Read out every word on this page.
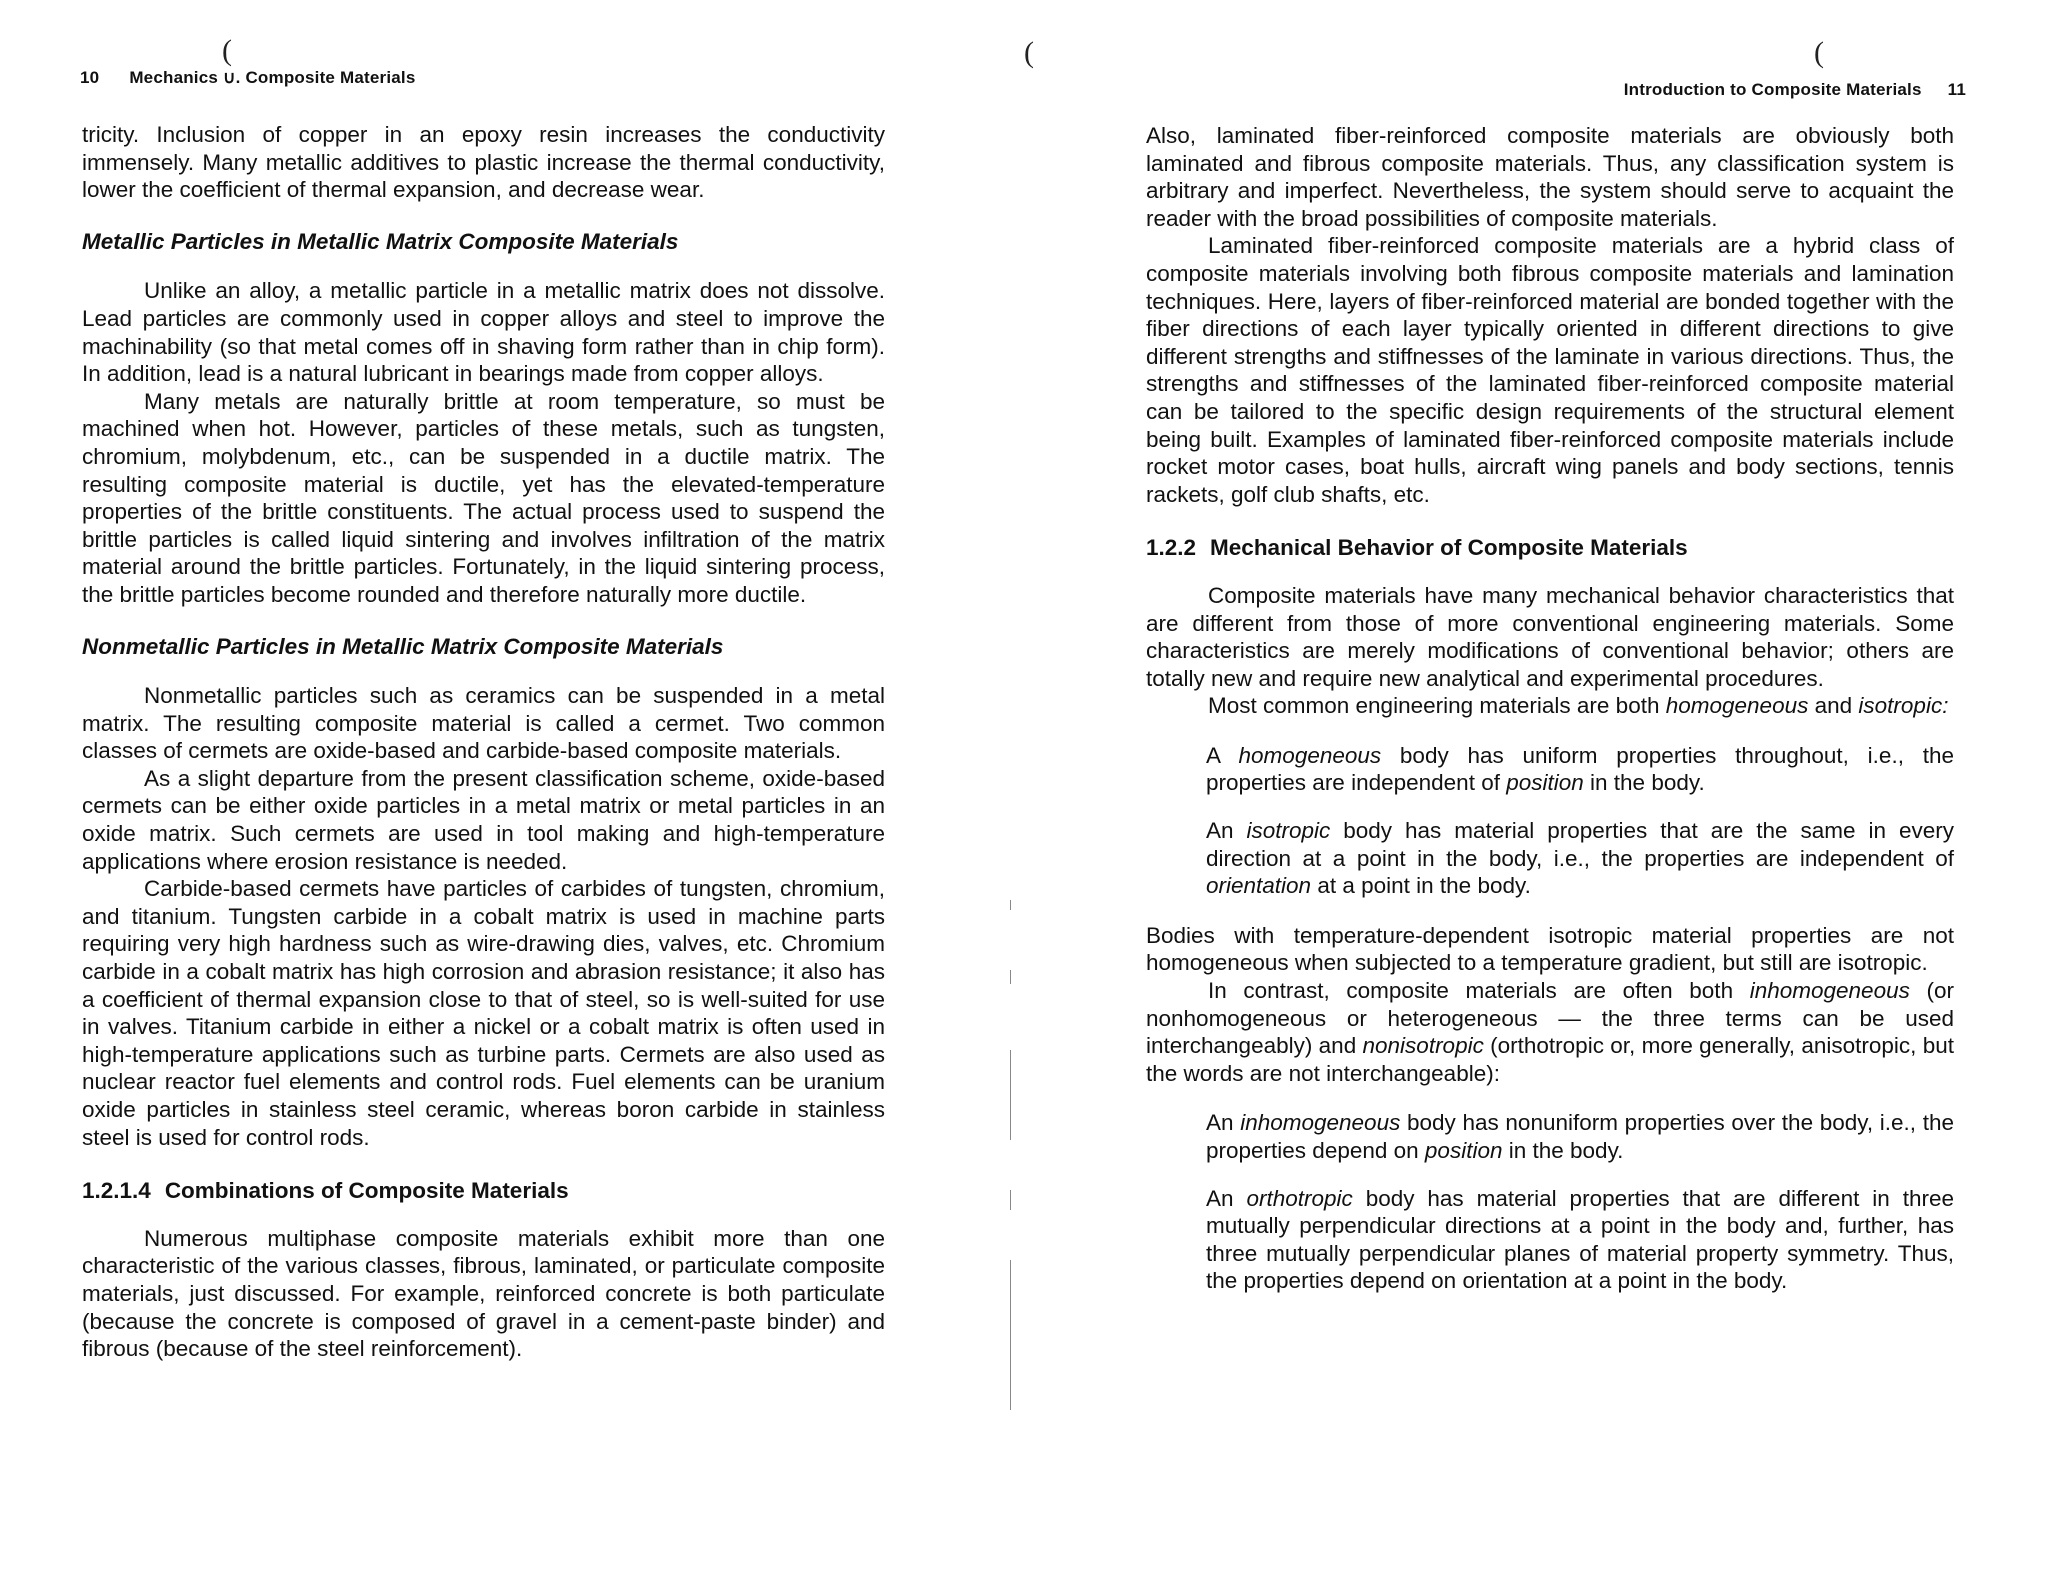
(
10 Mechanics ∪. Composite Materials

tricity. Inclusion of copper in an epoxy resin increases the conductivity immensely. Many metallic additives to plastic increase the thermal conductivity, lower the coefficient of thermal expansion, and decrease wear.

Metallic Particles in Metallic Matrix Composite Materials

Unlike an alloy, a metallic particle in a metallic matrix does not dissolve. Lead particles are commonly used in copper alloys and steel to improve the machinability (so that metal comes off in shaving form rather than in chip form). In addition, lead is a natural lubricant in bearings made from copper alloys.

Many metals are naturally brittle at room temperature, so must be machined when hot. However, particles of these metals, such as tungsten, chromium, molybdenum, etc., can be suspended in a ductile matrix. The resulting composite material is ductile, yet has the elevated-temperature properties of the brittle constituents. The actual process used to suspend the brittle particles is called liquid sintering and involves infiltration of the matrix material around the brittle particles. Fortunately, in the liquid sintering process, the brittle particles become rounded and therefore naturally more ductile.

Nonmetallic Particles in Metallic Matrix Composite Materials

Nonmetallic particles such as ceramics can be suspended in a metal matrix. The resulting composite material is called a cermet. Two common classes of cermets are oxide-based and carbide-based composite materials.

As a slight departure from the present classification scheme, oxide-based cermets can be either oxide particles in a metal matrix or metal particles in an oxide matrix. Such cermets are used in tool making and high-temperature applications where erosion resistance is needed.

Carbide-based cermets have particles of carbides of tungsten, chromium, and titanium. Tungsten carbide in a cobalt matrix is used in machine parts requiring very high hardness such as wire-drawing dies, valves, etc. Chromium carbide in a cobalt matrix has high corrosion and abrasion resistance; it also has a coefficient of thermal expansion close to that of steel, so is well-suited for use in valves. Titanium carbide in either a nickel or a cobalt matrix is often used in high-temperature applications such as turbine parts. Cermets are also used as nuclear reactor fuel elements and control rods. Fuel elements can be uranium oxide particles in stainless steel ceramic, whereas boron carbide in stainless steel is used for control rods.

1.2.1.4 Combinations of Composite Materials

Numerous multiphase composite materials exhibit more than one characteristic of the various classes, fibrous, laminated, or particulate composite materials, just discussed. For example, reinforced concrete is both particulate (because the concrete is composed of gravel in a cement-paste binder) and fibrous (because of the steel reinforcement).

(	(
Introduction to Composite Materials 11

Also, laminated fiber-reinforced composite materials are obviously both laminated and fibrous composite materials. Thus, any classification system is arbitrary and imperfect. Nevertheless, the system should serve to acquaint the reader with the broad possibilities of composite materials.

Laminated fiber-reinforced composite materials are a hybrid class of composite materials involving both fibrous composite materials and lamination techniques. Here, layers of fiber-reinforced material are bonded together with the fiber directions of each layer typically oriented in different directions to give different strengths and stiffnesses of the laminate in various directions. Thus, the strengths and stiffnesses of the laminated fiber-reinforced composite material can be tailored to the specific design requirements of the structural element being built. Examples of laminated fiber-reinforced composite materials include rocket motor cases, boat hulls, aircraft wing panels and body sections, tennis rackets, golf club shafts, etc.

1.2.2 Mechanical Behavior of Composite Materials

Composite materials have many mechanical behavior characteristics that are different from those of more conventional engineering materials. Some characteristics are merely modifications of conventional behavior; others are totally new and require new analytical and experimental procedures.

Most common engineering materials are both homogeneous and isotropic:

A homogeneous body has uniform properties throughout, i.e., the properties are independent of position in the body.

An isotropic body has material properties that are the same in every direction at a point in the body, i.e., the properties are independent of orientation at a point in the body.

Bodies with temperature-dependent isotropic material properties are not homogeneous when subjected to a temperature gradient, but still are isotropic.

In contrast, composite materials are often both inhomogeneous (or nonhomogeneous or heterogeneous — the three terms can be used interchangeably) and nonisotropic (orthotropic or, more generally, anisotropic, but the words are not interchangeable):

An inhomogeneous body has nonuniform properties over the body, i.e., the properties depend on position in the body.

An orthotropic body has material properties that are different in three mutually perpendicular directions at a point in the body and, further, has three mutually perpendicular planes of material property symmetry. Thus, the properties depend on orientation at a point in the body.
